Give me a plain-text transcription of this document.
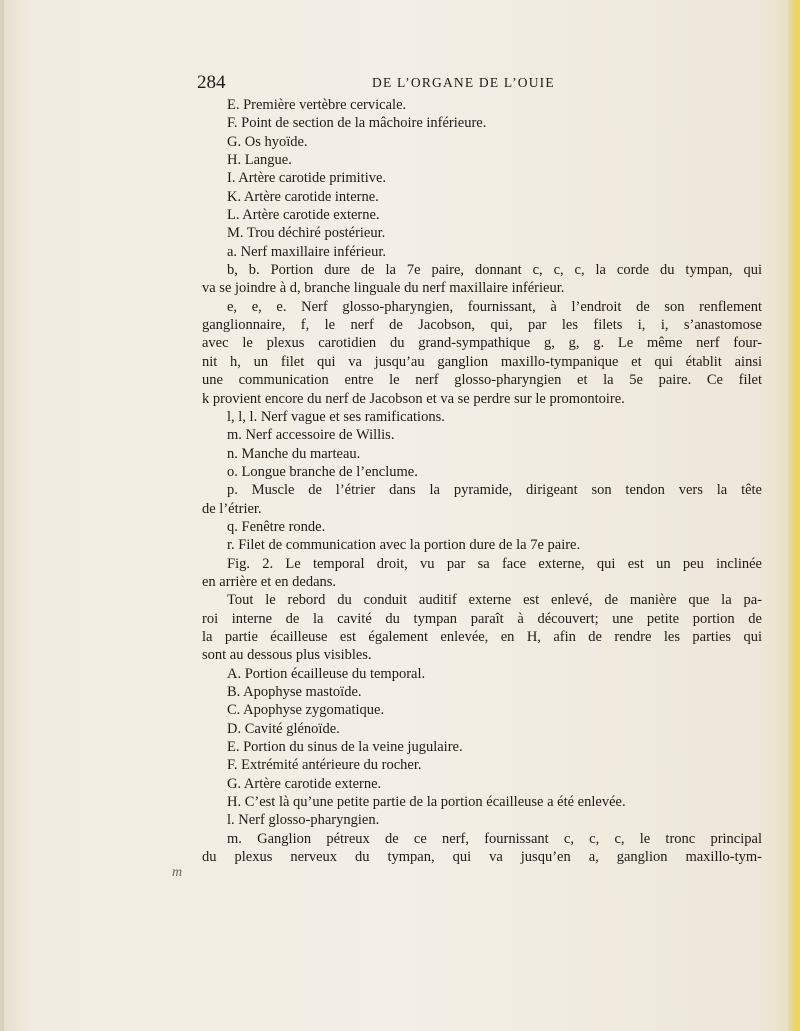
284	DE L’ORGANE DE L’OUIE
E. Première vertèbre cervicale.
F. Point de section de la mâchoire inférieure.
G. Os hyoïde.
H. Langue.
I. Artère carotide primitive.
K. Artère carotide interne.
L. Artère carotide externe.
M. Trou déchiré postérieur.
a. Nerf maxillaire inférieur.
b, b. Portion dure de la 7e paire, donnant c, c, c, la corde du tympan, qui
va se joindre à d, branche linguale du nerf maxillaire inférieur.
e, e, e. Nerf glosso-pharyngien, fournissant, à l’endroit de son renflement
ganglionnaire, f, le nerf de Jacobson, qui, par les filets i, i, s’anastomose
avec le plexus carotidien du grand-sympathique g, g, g. Le même nerf four-
nit h, un filet qui va jusqu’au ganglion maxillo-tympanique et qui établit ainsi
une communication entre le nerf glosso-pharyngien et la 5e paire. Ce filet
k provient encore du nerf de Jacobson et va se perdre sur le promontoire.
l, l, l. Nerf vague et ses ramifications.
m. Nerf accessoire de Willis.
n. Manche du marteau.
o. Longue branche de l’enclume.
p. Muscle de l’étrier dans la pyramide, dirigeant son tendon vers la tête
de l’étrier.
q. Fenêtre ronde.
r. Filet de communication avec la portion dure de la 7e paire.
Fig. 2. Le temporal droit, vu par sa face externe, qui est un peu inclinée
en arrière et en dedans.
Tout le rebord du conduit auditif externe est enlevé, de manière que la pa-
roi interne de la cavité du tympan paraît à découvert; une petite portion de
la partie écailleuse est également enlevée, en H, afin de rendre les parties qui
sont au dessous plus visibles.
A. Portion écailleuse du temporal.
B. Apophyse mastoïde.
C. Apophyse zygomatique.
D. Cavité glénoïde.
E. Portion du sinus de la veine jugulaire.
F. Extrémité antérieure du rocher.
G. Artère carotide externe.
H. C’est là qu’une petite partie de la portion écailleuse a été enlevée.
l. Nerf glosso-pharyngien.
m. Ganglion pétreux de ce nerf, fournissant c, c, c, le tronc principal
du plexus nerveux du tympan, qui va jusqu’en a, ganglion maxillo-tym-
m
